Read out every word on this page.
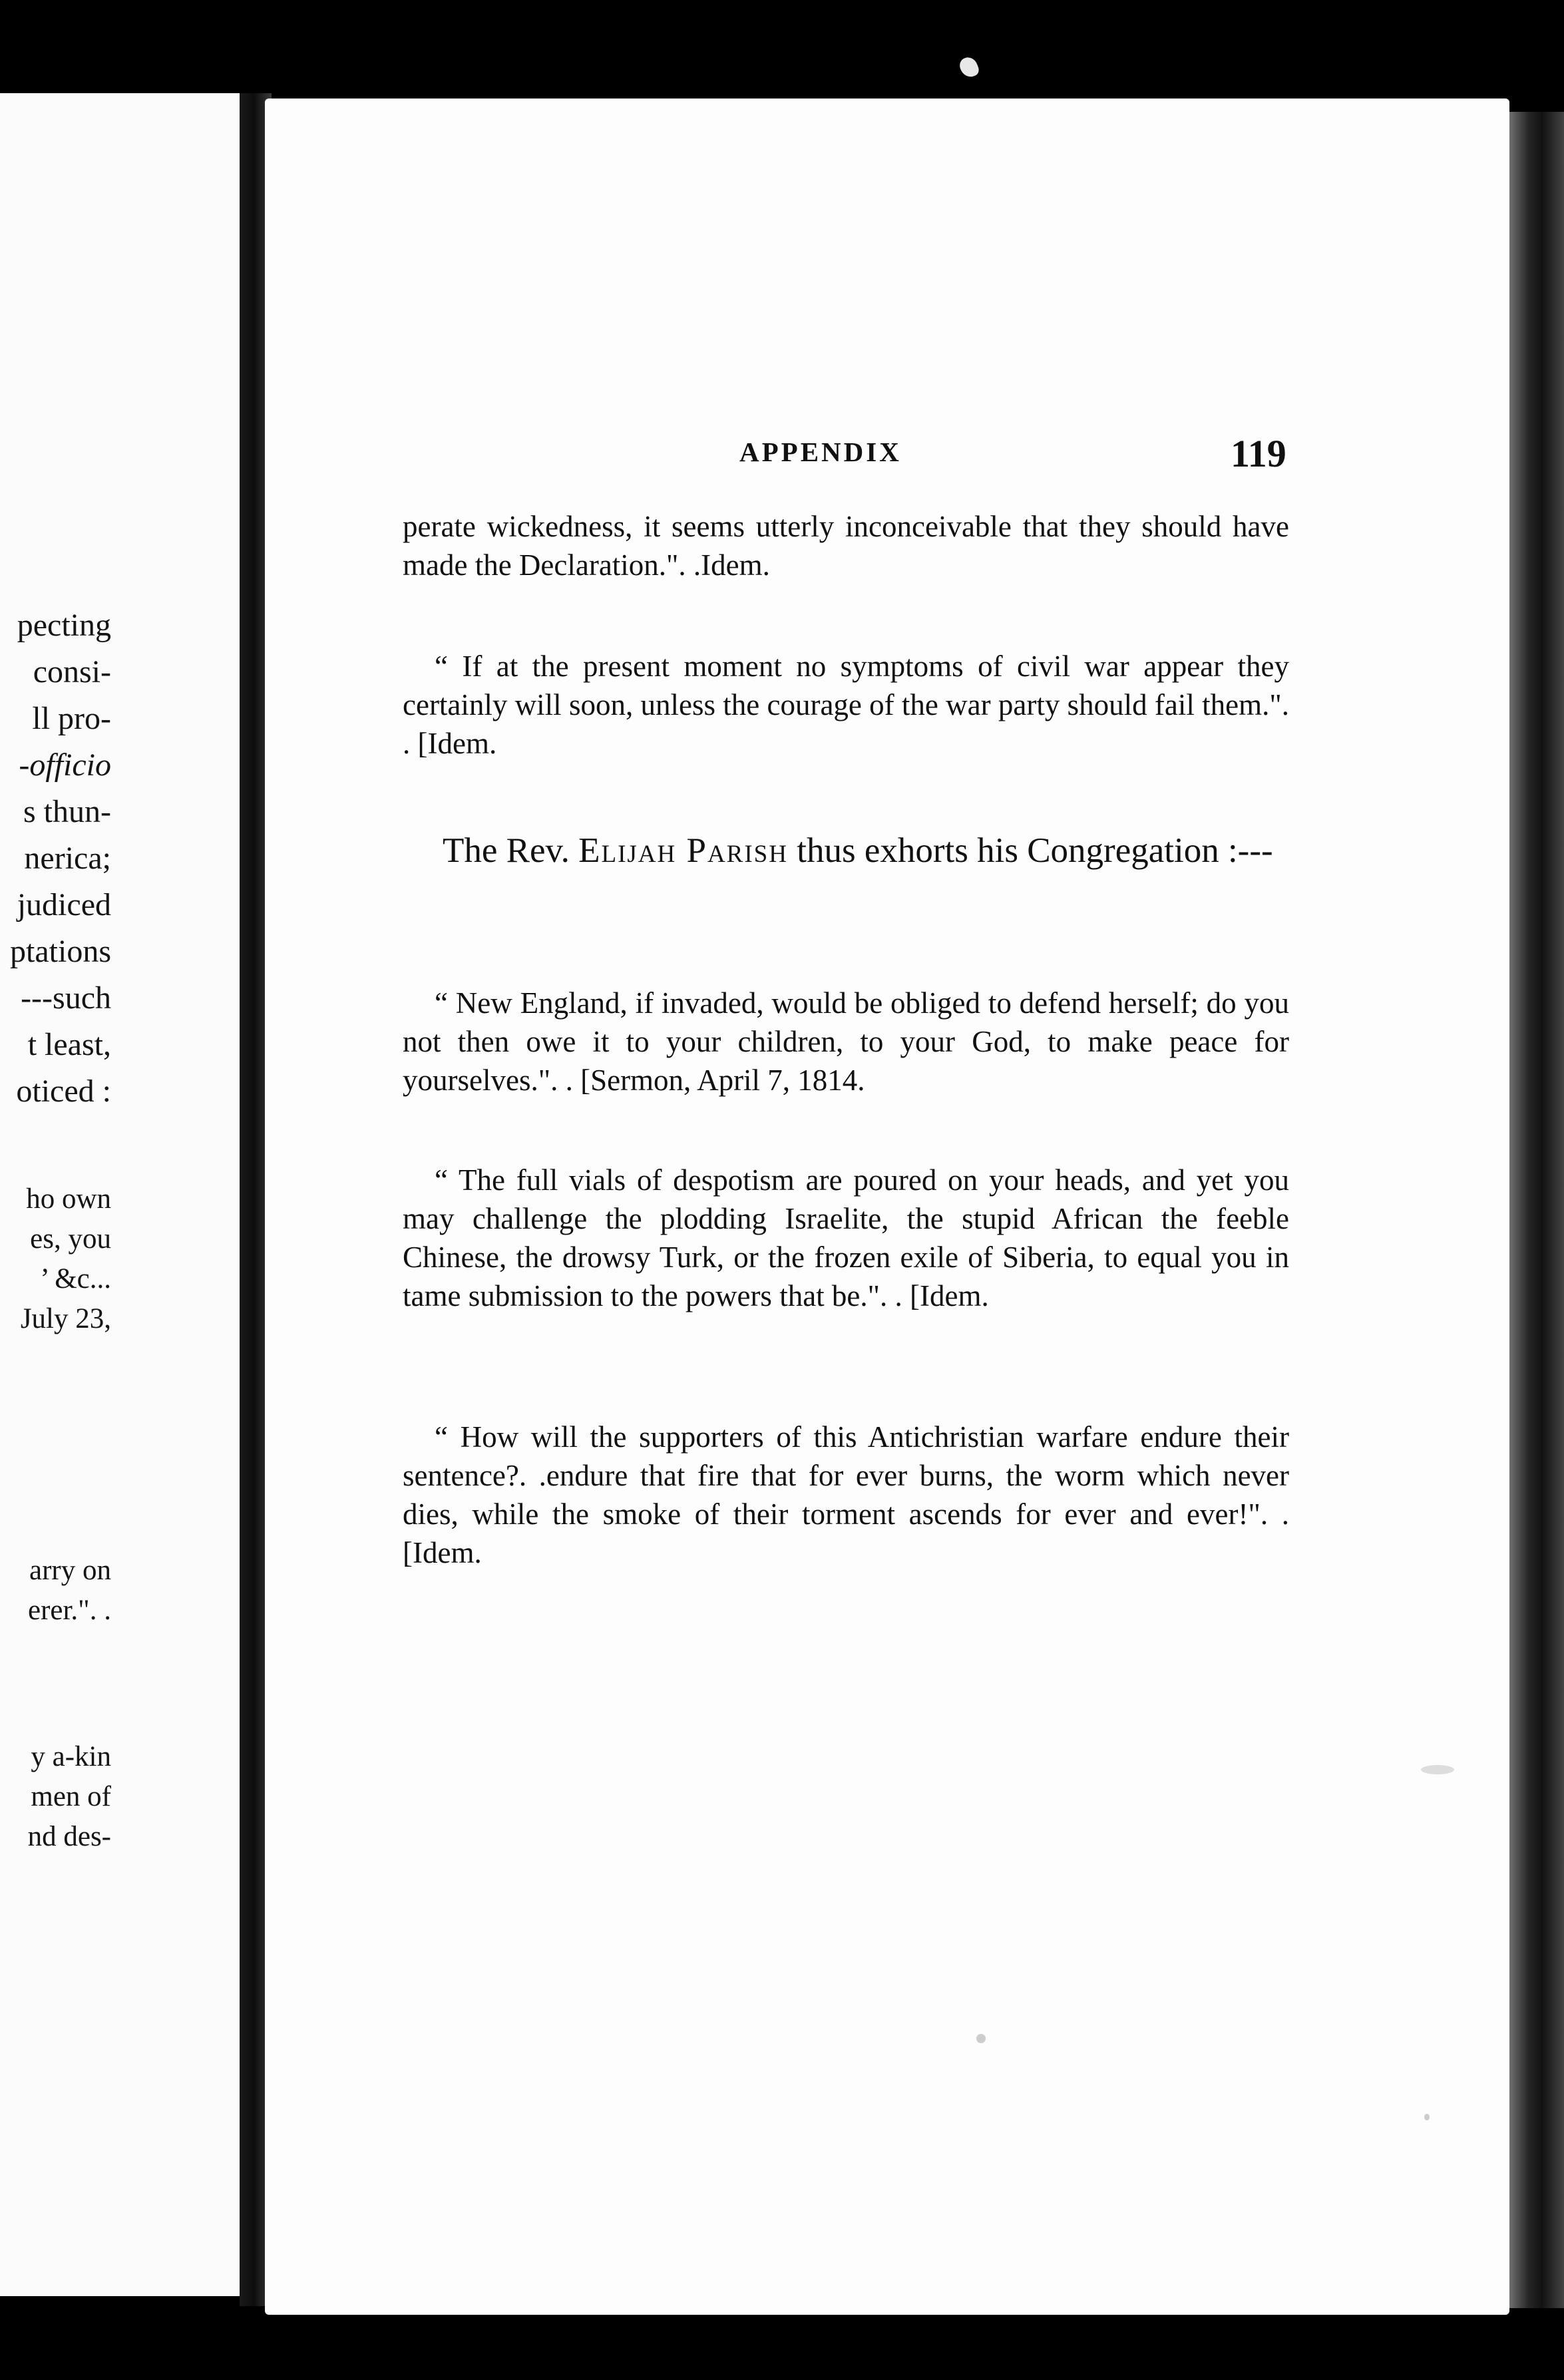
pecting
consi-
ll pro-
-officio
s thun-
nerica;
judiced
ptations
---such
t least,
oticed :
ho own
es, you
’ &c...
July 23,
arry on
erer.". .
y a-kin
men of
nd des-
APPENDIX	119
perate wickedness, it seems utterly inconceivable that they should have made the Declaration.". .Idem.
“ If at the present moment no symptoms of civil war appear they certainly will soon, unless the courage of the war party should fail them.". . [Idem.
The Rev. Elijah Parish thus exhorts his Congregation :---
“ New England, if invaded, would be obliged to defend herself; do you not then owe it to your children, to your God, to make peace for yourselves.". . [Sermon, April 7, 1814.
“ The full vials of despotism are poured on your heads, and yet you may challenge the plodding Israelite, the stupid African the feeble Chinese, the drowsy Turk, or the frozen exile of Siberia, to equal you in tame submission to the powers that be.". . [Idem.
“ How will the supporters of this Antichristian warfare endure their sentence?. .endure that fire that for ever burns, the worm which never dies, while the smoke of their torment ascends for ever and ever!". . [Idem.
